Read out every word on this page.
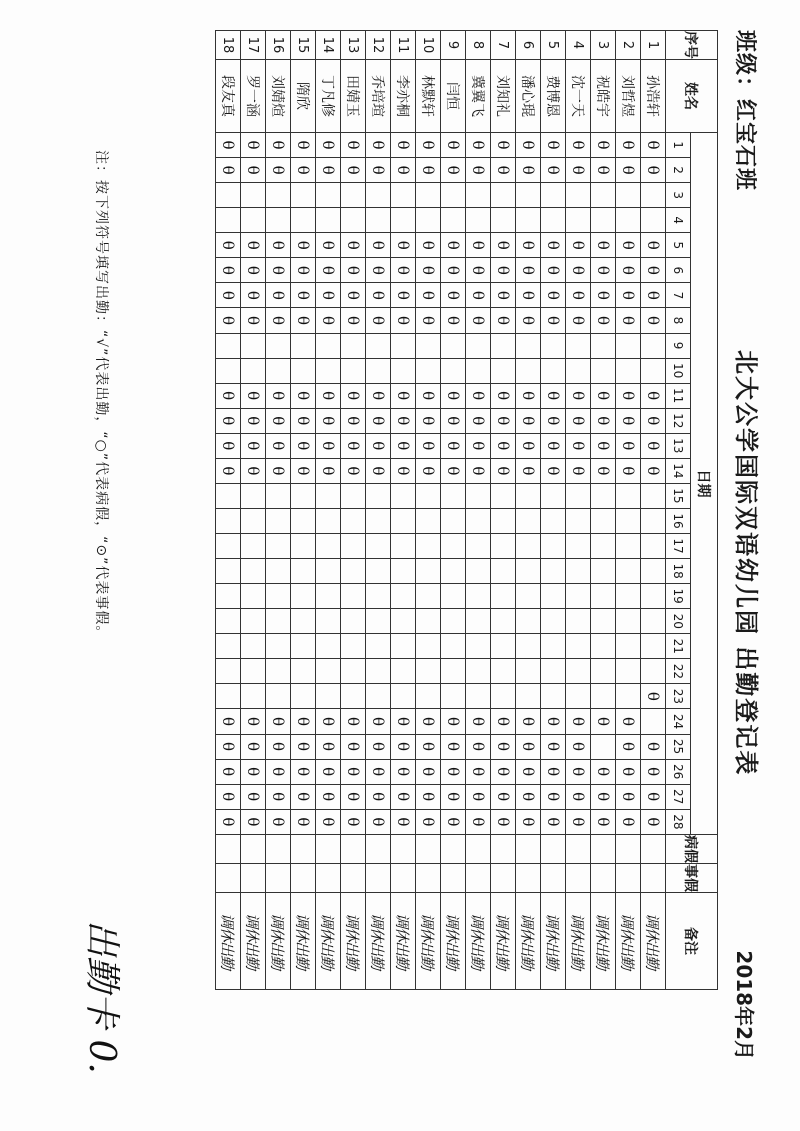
班级：红宝石班
北大公学国际双语幼儿园 出勤登记表
2018年2月
序号	姓名	日期																												病假	事假	备注
		1	2	3	4	5	6	7	8	9	10	11	12	13	14	15	16	17	18	19	20	21	22	23	24	25	26	27	28			
1	孙浩轩	θ	θ			θ	θ	θ	θ			θ	θ	θ	θ									θ		θ	θ	θ	θ			调休出勤
2	刘哲煜	θ	θ			θ	θ	θ	θ			θ	θ	θ	θ										θ	θ	θ	θ	θ			调休出勤
3	祝皓宇	θ	θ			θ	θ	θ	θ			θ	θ	θ	θ										θ		θ	θ	θ			调休出勤
4	沈一天	θ	θ			θ	θ	θ	θ			θ	θ	θ	θ										θ	θ	θ	θ	θ			调休出勤
5	费博恩	θ	θ			θ	θ	θ	θ			θ	θ	θ	θ										θ	θ	θ	θ	θ			调休出勤
6	潘心琨	θ	θ			θ	θ	θ	θ			θ	θ	θ	θ										θ	θ	θ	θ	θ			调休出勤
7	刘知礼	θ	θ			θ	θ	θ	θ			θ	θ	θ	θ										θ	θ	θ	θ	θ			调休出勤
8	冀翼飞	θ	θ			θ	θ	θ	θ			θ	θ	θ	θ										θ	θ	θ	θ	θ			调休出勤
9	闫恒	θ	θ			θ	θ	θ	θ			θ	θ	θ	θ										θ	θ	θ	θ	θ			调休出勤
10	林默轩	θ	θ			θ	θ	θ	θ			θ	θ	θ	θ										θ	θ	θ	θ	θ			调休出勤
11	李亦桐	θ	θ			θ	θ	θ	θ			θ	θ	θ	θ										θ	θ	θ	θ	θ			调休出勤
12	乔培瑄	θ	θ			θ	θ	θ	θ			θ	θ	θ	θ										θ	θ	θ	θ	θ			调休出勤
13	田婧玉	θ	θ			θ	θ	θ	θ			θ	θ	θ	θ										θ	θ	θ	θ	θ			调休出勤
14	丁凡修	θ	θ			θ	θ	θ	θ			θ	θ	θ	θ										θ	θ	θ	θ	θ			调休出勤
15	隋欣	θ	θ			θ	θ	θ	θ			θ	θ	θ	θ										θ	θ	θ	θ	θ			调休出勤
16	刘婧煊	θ	θ			θ	θ	θ	θ			θ	θ	θ	θ										θ	θ	θ	θ	θ			调休出勤
17	罗一涵	θ	θ			θ	θ	θ	θ			θ	θ	θ	θ										θ	θ	θ	θ	θ			调休出勤
18	段友真	θ	θ			θ	θ	θ	θ			θ	θ	θ	θ										θ	θ	θ	θ	θ			调休出勤
注：按下列符号填写出勤：“√”代表出勤，“○”代表病假，“⊙”代表事假。
出勤卡 0.
